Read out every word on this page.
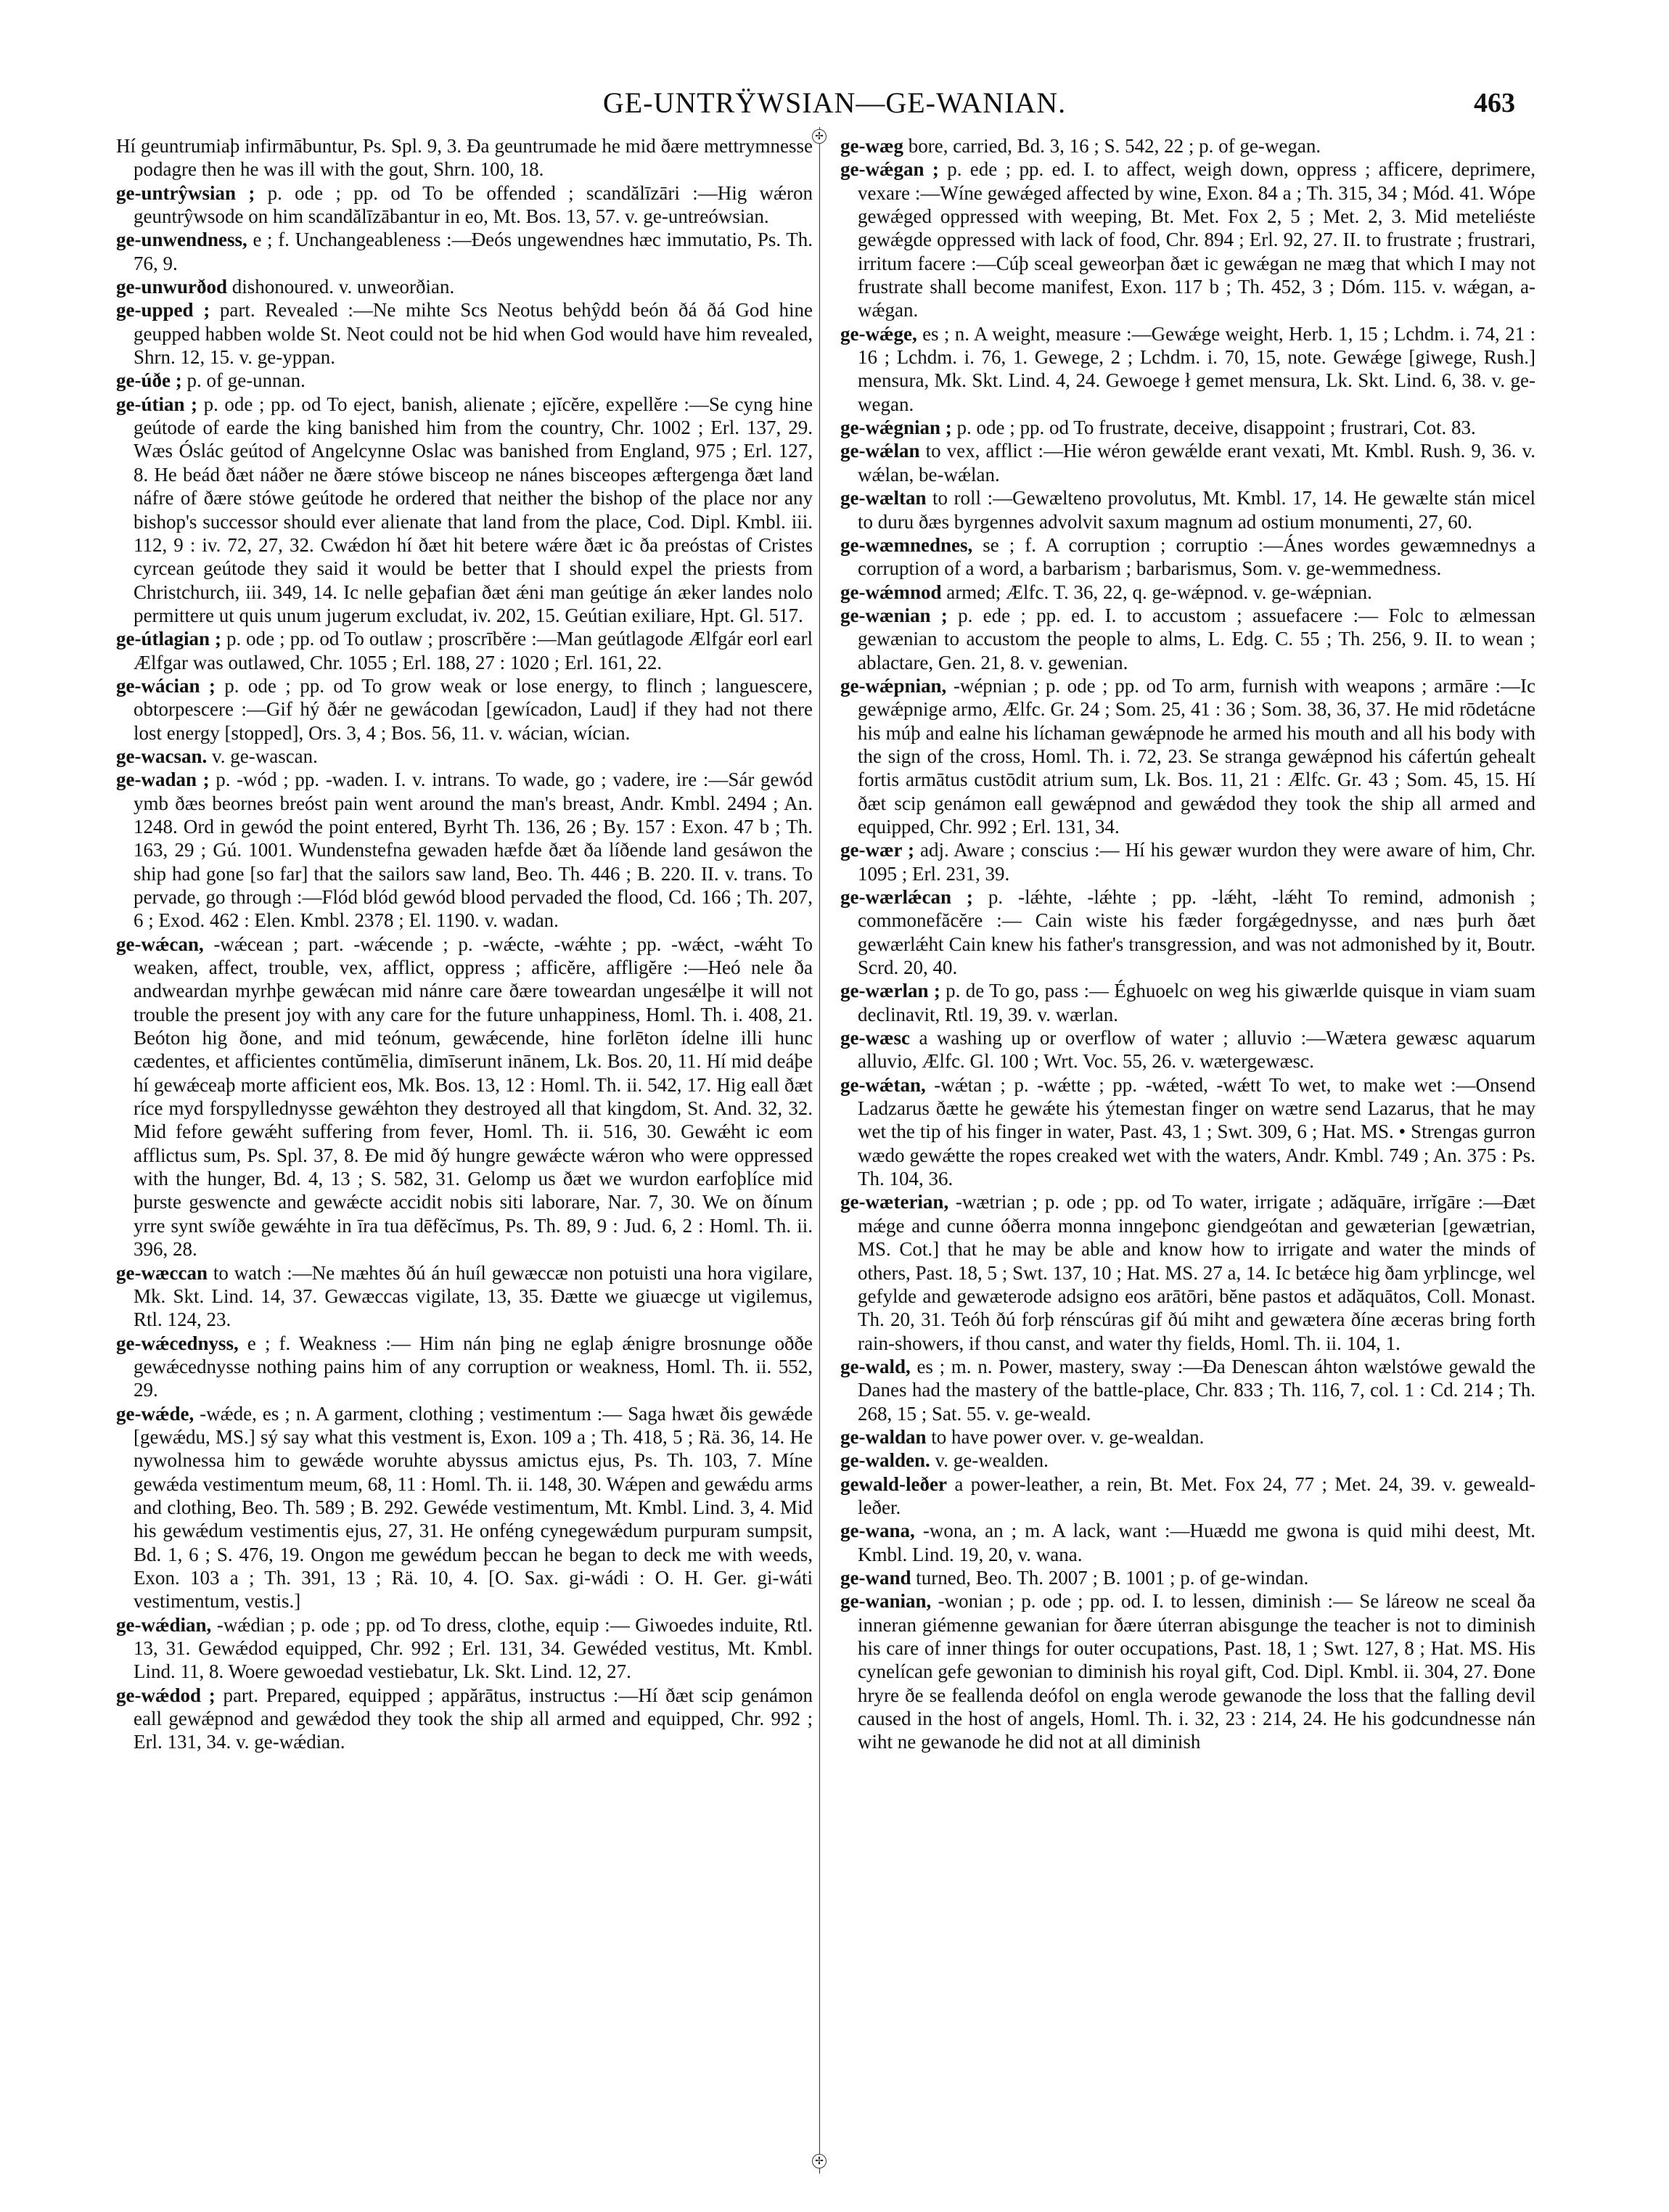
GE-UNTRŸWSIAN—GE-WANIAN.	463
✢
✢

Hí geuntrumiaþ infirmābuntur, Ps. Spl. 9, 3. Ða geuntrumade he mid ðære mettrymnesse podagre then he was ill with the gout, Shrn. 100, 18.

ge-untrŷwsian ; p. ode ; pp. od To be offended ; scandălīzāri :—Hig wǽron geuntrŷwsode on him scandălīzābantur in eo, Mt. Bos. 13, 57. v. ge-untreówsian.

ge-unwendness, e ; f. Unchangeableness :—Ðeós ungewendnes hæc immutatio, Ps. Th. 76, 9.

ge-unwurðod dishonoured. v. unweorðian.

ge-upped ; part. Revealed :—Ne mihte Scs Neotus behŷdd beón ðá ðá God hine geupped habben wolde St. Neot could not be hid when God would have him revealed, Shrn. 12, 15. v. ge-yppan.

ge-úðe ; p. of ge-unnan.

ge-útian ; p. ode ; pp. od To eject, banish, alienate ; ejĭcĕre, expellĕre :—Se cyng hine geútode of earde the king banished him from the country, Chr. 1002 ; Erl. 137, 29. Wæs Óslác geútod of Angelcynne Oslac was banished from England, 975 ; Erl. 127, 8. He beád ðæt náðer ne ðære stówe bisceop ne nánes bisceopes æftergenga ðæt land náfre of ðære stówe geútode he ordered that neither the bishop of the place nor any bishop's successor should ever alienate that land from the place, Cod. Dipl. Kmbl. iii. 112, 9 : iv. 72, 27, 32. Cwǽdon hí ðæt hit betere wǽre ðæt ic ða preóstas of Cristes cyrcean geútode they said it would be better that I should expel the priests from Christchurch, iii. 349, 14. Ic nelle geþafian ðæt ǽni man geútige án æker landes nolo permittere ut quis unum jugerum excludat, iv. 202, 15. Geútian exiliare, Hpt. Gl. 517.

ge-útlagian ; p. ode ; pp. od To outlaw ; proscrībĕre :—Man geútlagode Ælfgár eorl earl Ælfgar was outlawed, Chr. 1055 ; Erl. 188, 27 : 1020 ; Erl. 161, 22.

ge-wácian ; p. ode ; pp. od To grow weak or lose energy, to flinch ; languescere, obtorpescere :—Gif hý ðǽr ne gewácodan [gewícadon, Laud] if they had not there lost energy [stopped], Ors. 3, 4 ; Bos. 56, 11. v. wácian, wícian.

ge-wacsan. v. ge-wascan.

ge-wadan ; p. -wód ; pp. -waden. I. v. intrans. To wade, go ; vadere, ire :—Sár gewód ymb ðæs beornes breóst pain went around the man's breast, Andr. Kmbl. 2494 ; An. 1248. Ord in gewód the point entered, Byrht Th. 136, 26 ; By. 157 : Exon. 47 b ; Th. 163, 29 ; Gú. 1001. Wundenstefna gewaden hæfde ðæt ða líðende land gesáwon the ship had gone [so far] that the sailors saw land, Beo. Th. 446 ; B. 220. II. v. trans. To pervade, go through :—Flód blód gewód blood pervaded the flood, Cd. 166 ; Th. 207, 6 ; Exod. 462 : Elen. Kmbl. 2378 ; El. 1190. v. wadan.

ge-wǽcan, -wǽcean ; part. -wǽcende ; p. -wǽcte, -wǽhte ; pp. -wǽct, -wǽht To weaken, affect, trouble, vex, afflict, oppress ; afficĕre, affligĕre :—Heó nele ða andweardan myrhþe gewǽcan mid nánre care ðære toweardan ungesǽlþe it will not trouble the present joy with any care for the future unhappiness, Homl. Th. i. 408, 21. Beóton hig ðone, and mid teónum, gewǽcende, hine forlēton ídelne illi hunc cædentes, et afficientes contŭmēlia, dimīserunt inānem, Lk. Bos. 20, 11. Hí mid deáþe hí gewǽceaþ morte afficient eos, Mk. Bos. 13, 12 : Homl. Th. ii. 542, 17. Hig eall ðæt ríce myd forspyllednysse gewǽhton they destroyed all that kingdom, St. And. 32, 32. Mid fefore gewǽht suffering from fever, Homl. Th. ii. 516, 30. Gewǽht ic eom afflictus sum, Ps. Spl. 37, 8. Ðe mid ðý hungre gewǽcte wǽron who were oppressed with the hunger, Bd. 4, 13 ; S. 582, 31. Gelomp us ðæt we wurdon earfoþlíce mid þurste geswencte and gewǽcte accidit nobis siti laborare, Nar. 7, 30. We on ðínum yrre synt swíðe gewǽhte in īra tua dēfĕcĭmus, Ps. Th. 89, 9 : Jud. 6, 2 : Homl. Th. ii. 396, 28.

ge-wæccan to watch :—Ne mæhtes ðú án huíl gewæccæ non potuisti una hora vigilare, Mk. Skt. Lind. 14, 37. Gewæccas vigilate, 13, 35. Ðætte we giuæcge ut vigilemus, Rtl. 124, 23.

ge-wǽcednyss, e ; f. Weakness :— Him nán þing ne eglaþ ǽnigre brosnunge oððe gewǽcednysse nothing pains him of any corruption or weakness, Homl. Th. ii. 552, 29.

ge-wǽde, -wǽde, es ; n. A garment, clothing ; vestimentum :— Saga hwæt ðis gewǽde [gewǽdu, MS.] sý say what this vestment is, Exon. 109 a ; Th. 418, 5 ; Rä. 36, 14. He nywolnessa him to gewǽde woruhte abyssus amictus ejus, Ps. Th. 103, 7. Míne gewǽda vestimentum meum, 68, 11 : Homl. Th. ii. 148, 30. Wǽpen and gewǽdu arms and clothing, Beo. Th. 589 ; B. 292. Gewéde vestimentum, Mt. Kmbl. Lind. 3, 4. Mid his gewǽdum vestimentis ejus, 27, 31. He onféng cynegewǽdum purpuram sumpsit, Bd. 1, 6 ; S. 476, 19. Ongon me gewédum þeccan he began to deck me with weeds, Exon. 103 a ; Th. 391, 13 ; Rä. 10, 4. [O. Sax. gi-wádi : O. H. Ger. gi-wáti vestimentum, vestis.]

ge-wǽdian, -wǽdian ; p. ode ; pp. od To dress, clothe, equip :— Giwoedes induite, Rtl. 13, 31. Gewǽdod equipped, Chr. 992 ; Erl. 131, 34. Gewéded vestitus, Mt. Kmbl. Lind. 11, 8. Woere gewoedad vestiebatur, Lk. Skt. Lind. 12, 27.

ge-wǽdod ; part. Prepared, equipped ; appărātus, instructus :—Hí ðæt scip genámon eall gewǽpnod and gewǽdod they took the ship all armed and equipped, Chr. 992 ; Erl. 131, 34. v. ge-wǽdian.

ge-wæg bore, carried, Bd. 3, 16 ; S. 542, 22 ; p. of ge-wegan.

ge-wǽgan ; p. ede ; pp. ed. I. to affect, weigh down, oppress ; afficere, deprimere, vexare :—Wíne gewǽged affected by wine, Exon. 84 a ; Th. 315, 34 ; Mód. 41. Wópe gewǽged oppressed with weeping, Bt. Met. Fox 2, 5 ; Met. 2, 3. Mid meteliéste gewǽgde oppressed with lack of food, Chr. 894 ; Erl. 92, 27. II. to frustrate ; frustrari, irritum facere :—Cúþ sceal geweorþan ðæt ic gewǽgan ne mæg that which I may not frustrate shall become manifest, Exon. 117 b ; Th. 452, 3 ; Dóm. 115. v. wǽgan, a-wǽgan.

ge-wǽge, es ; n. A weight, measure :—Gewǽge weight, Herb. 1, 15 ; Lchdm. i. 74, 21 : 16 ; Lchdm. i. 76, 1. Gewege, 2 ; Lchdm. i. 70, 15, note. Gewǽge [giwege, Rush.] mensura, Mk. Skt. Lind. 4, 24. Gewoege ł gemet mensura, Lk. Skt. Lind. 6, 38. v. ge-wegan.

ge-wǽgnian ; p. ode ; pp. od To frustrate, deceive, disappoint ; frustrari, Cot. 83.

ge-wǽlan to vex, afflict :—Hie wéron gewǽlde erant vexati, Mt. Kmbl. Rush. 9, 36. v. wǽlan, be-wǽlan.

ge-wæltan to roll :—Gewælteno provolutus, Mt. Kmbl. 17, 14. He gewælte stán micel to duru ðæs byrgennes advolvit saxum magnum ad ostium monumenti, 27, 60.

ge-wæmnednes, se ; f. A corruption ; corruptio :—Ánes wordes gewæmnednys a corruption of a word, a barbarism ; barbarismus, Som. v. ge-wemmedness.

ge-wǽmnod armed; Ælfc. T. 36, 22, q. ge-wǽpnod. v. ge-wǽpnian.

ge-wænian ; p. ede ; pp. ed. I. to accustom ; assuefacere :— Folc to ælmessan gewænian to accustom the people to alms, L. Edg. C. 55 ; Th. 256, 9. II. to wean ; ablactare, Gen. 21, 8. v. gewenian.

ge-wǽpnian, -wépnian ; p. ode ; pp. od To arm, furnish with weapons ; armāre :—Ic gewǽpnige armo, Ælfc. Gr. 24 ; Som. 25, 41 : 36 ; Som. 38, 36, 37. He mid rōdetácne his múþ and ealne his líchaman gewǽpnode he armed his mouth and all his body with the sign of the cross, Homl. Th. i. 72, 23. Se stranga gewǽpnod his cáfertún gehealt fortis armātus custōdit atrium sum, Lk. Bos. 11, 21 : Ælfc. Gr. 43 ; Som. 45, 15. Hí ðæt scip genámon eall gewǽpnod and gewǽdod they took the ship all armed and equipped, Chr. 992 ; Erl. 131, 34.

ge-wær ; adj. Aware ; conscius :— Hí his gewær wurdon they were aware of him, Chr. 1095 ; Erl. 231, 39.

ge-wærlǽcan ; p. -lǽhte, -lǽhte ; pp. -lǽht, -lǽht To remind, admonish ; commonefăcĕre :— Cain wiste his fæder forgǽgednysse, and næs þurh ðæt gewærlǽht Cain knew his father's transgression, and was not admonished by it, Boutr. Scrd. 20, 40.

ge-wærlan ; p. de To go, pass :— Éghuoelc on weg his giwærlde quisque in viam suam declinavit, Rtl. 19, 39. v. wærlan.

ge-wæsc a washing up or overflow of water ; alluvio :—Wætera gewæsc aquarum alluvio, Ælfc. Gl. 100 ; Wrt. Voc. 55, 26. v. wætergewæsc.

ge-wǽtan, -wǽtan ; p. -wǽtte ; pp. -wǽted, -wǽtt To wet, to make wet :—Onsend Ladzarus ðætte he gewǽte his ýtemestan finger on wætre send Lazarus, that he may wet the tip of his finger in water, Past. 43, 1 ; Swt. 309, 6 ; Hat. MS. • Strengas gurron wædo gewǽtte the ropes creaked wet with the waters, Andr. Kmbl. 749 ; An. 375 : Ps. Th. 104, 36.

ge-wæterian, -wætrian ; p. ode ; pp. od To water, irrigate ; adăquāre, irrĭgāre :—Ðæt mǽge and cunne óðerra monna inngeþonc giendgeótan and gewæterian [gewætrian, MS. Cot.] that he may be able and know how to irrigate and water the minds of others, Past. 18, 5 ; Swt. 137, 10 ; Hat. MS. 27 a, 14. Ic betǽce hig ðam yrþlincge, wel gefylde and gewæterode adsigno eos arātōri, bĕne pastos et adăquātos, Coll. Monast. Th. 20, 31. Teóh ðú forþ rénscúras gif ðú miht and gewætera ðíne æceras bring forth rain-showers, if thou canst, and water thy fields, Homl. Th. ii. 104, 1.

ge-wald, es ; m. n. Power, mastery, sway :—Ða Denescan áhton wælstówe gewald the Danes had the mastery of the battle-place, Chr. 833 ; Th. 116, 7, col. 1 : Cd. 214 ; Th. 268, 15 ; Sat. 55. v. ge-weald.

ge-waldan to have power over. v. ge-wealdan.

ge-walden. v. ge-wealden.

gewald-leðer a power-leather, a rein, Bt. Met. Fox 24, 77 ; Met. 24, 39. v. geweald-leðer.

ge-wana, -wona, an ; m. A lack, want :—Huædd me gwona is quid mihi deest, Mt. Kmbl. Lind. 19, 20, v. wana.

ge-wand turned, Beo. Th. 2007 ; B. 1001 ; p. of ge-windan.

ge-wanian, -wonian ; p. ode ; pp. od. I. to lessen, diminish :— Se láreow ne sceal ða inneran giémenne gewanian for ðære úterran abisgunge the teacher is not to diminish his care of inner things for outer occupations, Past. 18, 1 ; Swt. 127, 8 ; Hat. MS. His cynelícan gefe gewonian to diminish his royal gift, Cod. Dipl. Kmbl. ii. 304, 27. Ðone hryre ðe se feallenda deófol on engla werode gewanode the loss that the falling devil caused in the host of angels, Homl. Th. i. 32, 23 : 214, 24. He his godcundnesse nán wiht ne gewanode he did not at all diminish
